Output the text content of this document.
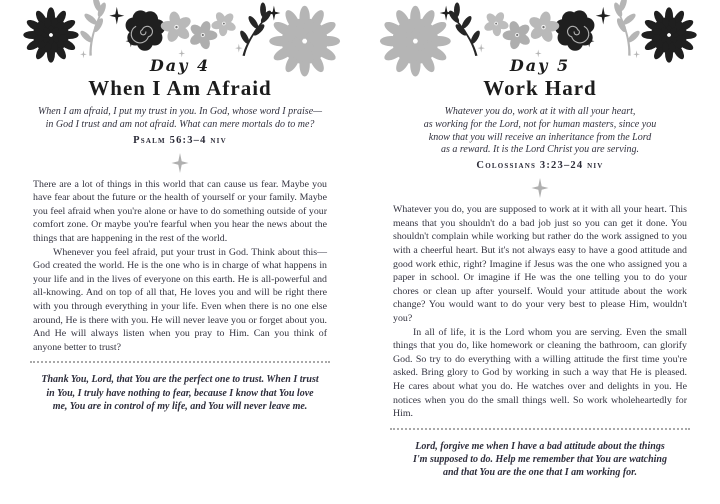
Day 4
When I Am Afraid
When I am afraid, I put my trust in you. In God, whose word I praise—
in God I trust and am not afraid. What can mere mortals do to me?
Psalm 56:3–4 niv

There are a lot of things in this world that can cause us fear. Maybe you have fear about the future or the health of yourself or your family. Maybe you feel afraid when you're alone or have to do something outside of your comfort zone. Or maybe you're fearful when you hear the news about the things that are happening in the rest of the world.

Whenever you feel afraid, put your trust in God. Think about this—God created the world. He is the one who is in charge of what happens in your life and in the lives of everyone on this earth. He is all-powerful and all-knowing. And on top of all that, He loves you and will be right there with you through everything in your life. Even when there is no one else around, He is there with you. He will never leave you or forget about you. And He will always listen when you pray to Him. Can you think of anyone better to trust?

Thank You, Lord, that You are the perfect one to trust. When I trust
in You, I truly have nothing to fear, because I know that You love
me, You are in control of my life, and You will never leave me.
Day 5
Work Hard
Whatever you do, work at it with all your heart,
as working for the Lord, not for human masters, since you
know that you will receive an inheritance from the Lord
as a reward. It is the Lord Christ you are serving.
Colossians 3:23–24 niv

Whatever you do, you are supposed to work at it with all your heart. This means that you shouldn't do a bad job just so you can get it done. You shouldn't complain while working but rather do the work assigned to you with a cheerful heart. But it's not always easy to have a good attitude and good work ethic, right? Imagine if Jesus was the one who assigned you a paper in school. Or imagine if He was the one telling you to do your chores or clean up after yourself. Would your attitude about the work change? You would want to do your very best to please Him, wouldn't you?

In all of life, it is the Lord whom you are serving. Even the small things that you do, like homework or cleaning the bathroom, can glorify God. So try to do everything with a willing attitude the first time you're asked. Bring glory to God by working in such a way that He is pleased. He cares about what you do. He watches over and delights in you. He notices when you do the small things well. So work wholeheartedly for Him.

Lord, forgive me when I have a bad attitude about the things
I'm supposed to do. Help me remember that You are watching
and that You are the one that I am working for.
